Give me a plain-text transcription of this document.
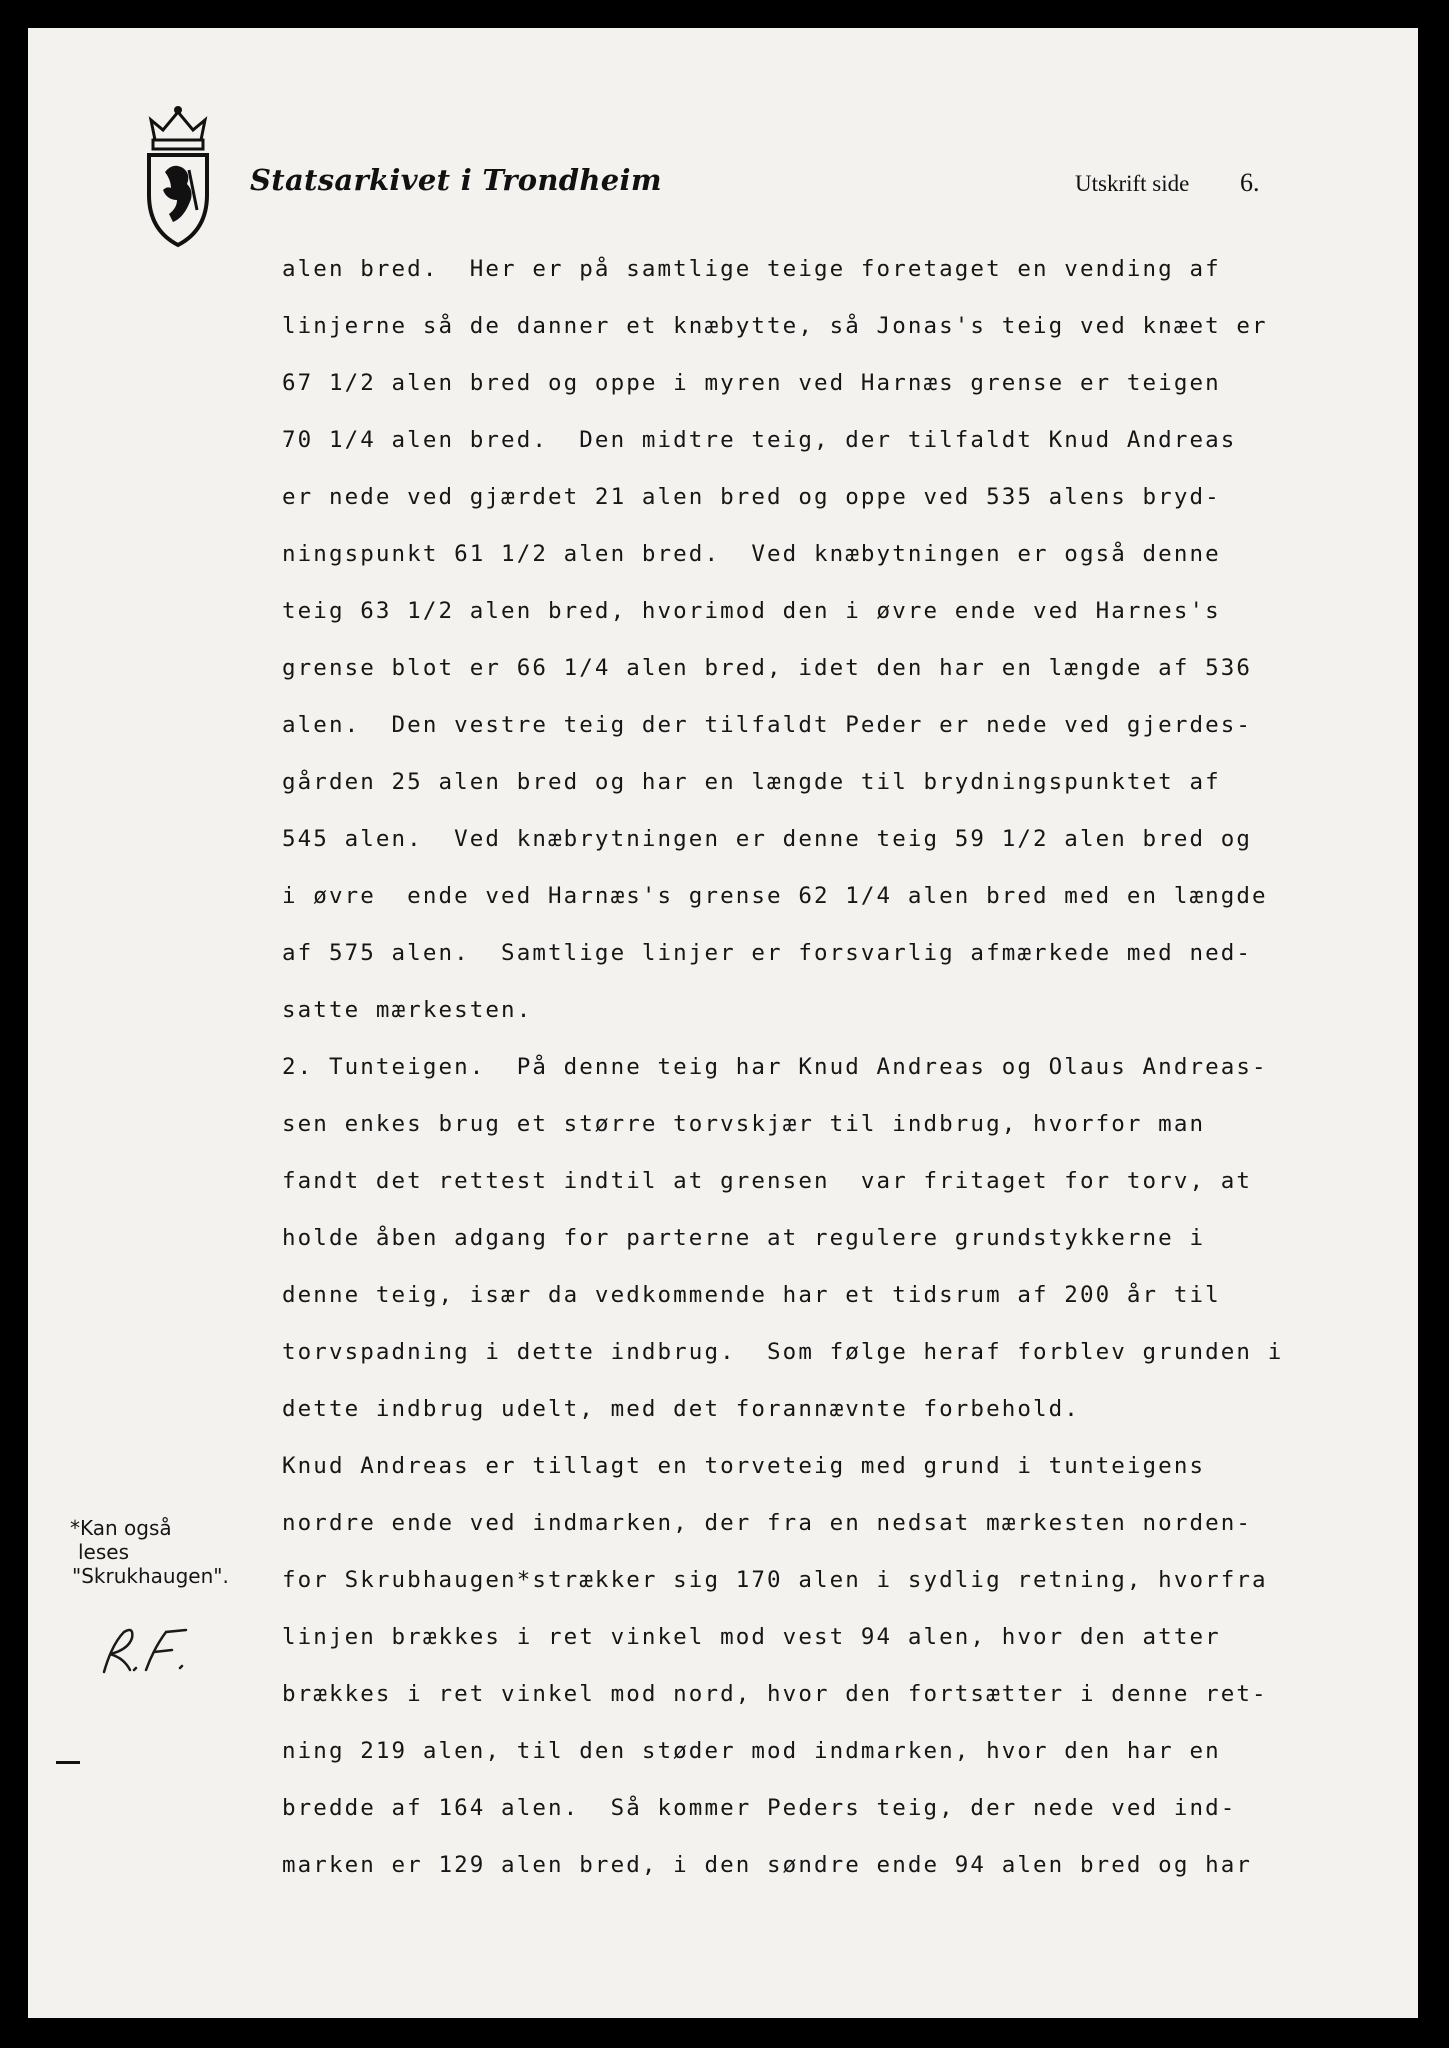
Statsarkivet i Trondheim	Utskrift side 6.
alen bred.  Her er på samtlige teige foretaget en vending af
linjerne så de danner et knæbytte, så Jonas's teig ved knæet er
67 1/2 alen bred og oppe i myren ved Harnæs grense er teigen
70 1/4 alen bred.  Den midtre teig, der tilfaldt Knud Andreas
er nede ved gjærdet 21 alen bred og oppe ved 535 alens bryd-
ningspunkt 61 1/2 alen bred.  Ved knæbytningen er også denne
teig 63 1/2 alen bred, hvorimod den i øvre ende ved Harnes's
grense blot er 66 1/4 alen bred, idet den har en længde af 536
alen.  Den vestre teig der tilfaldt Peder er nede ved gjerdes-
gården 25 alen bred og har en længde til brydningspunktet af
545 alen.  Ved knæbrytningen er denne teig 59 1/2 alen bred og
i øvre  ende ved Harnæs's grense 62 1/4 alen bred med en længde
af 575 alen.  Samtlige linjer er forsvarlig afmærkede med ned-
satte mærkesten.
2. Tunteigen.  På denne teig har Knud Andreas og Olaus Andreas-
sen enkes brug et større torvskjær til indbrug, hvorfor man
fandt det rettest indtil at grensen  var fritaget for torv, at
holde åben adgang for parterne at regulere grundstykkerne i
denne teig, især da vedkommende har et tidsrum af 200 år til
torvspadning i dette indbrug.  Som følge heraf forblev grunden i
dette indbrug udelt, med det forannævnte forbehold.
Knud Andreas er tillagt en torveteig med grund i tunteigens
nordre ende ved indmarken, der fra en nedsat mærkesten norden-
for Skrubhaugen*strækker sig 170 alen i sydlig retning, hvorfra
linjen brækkes i ret vinkel mod vest 94 alen, hvor den atter
brækkes i ret vinkel mod nord, hvor den fortsætter i denne ret-
ning 219 alen, til den støder mod indmarken, hvor den har en
bredde af 164 alen.  Så kommer Peders teig, der nede ved ind-
marken er 129 alen bred, i den søndre ende 94 alen bred og har
*Kan også
leses
"Skrukhaugen".
